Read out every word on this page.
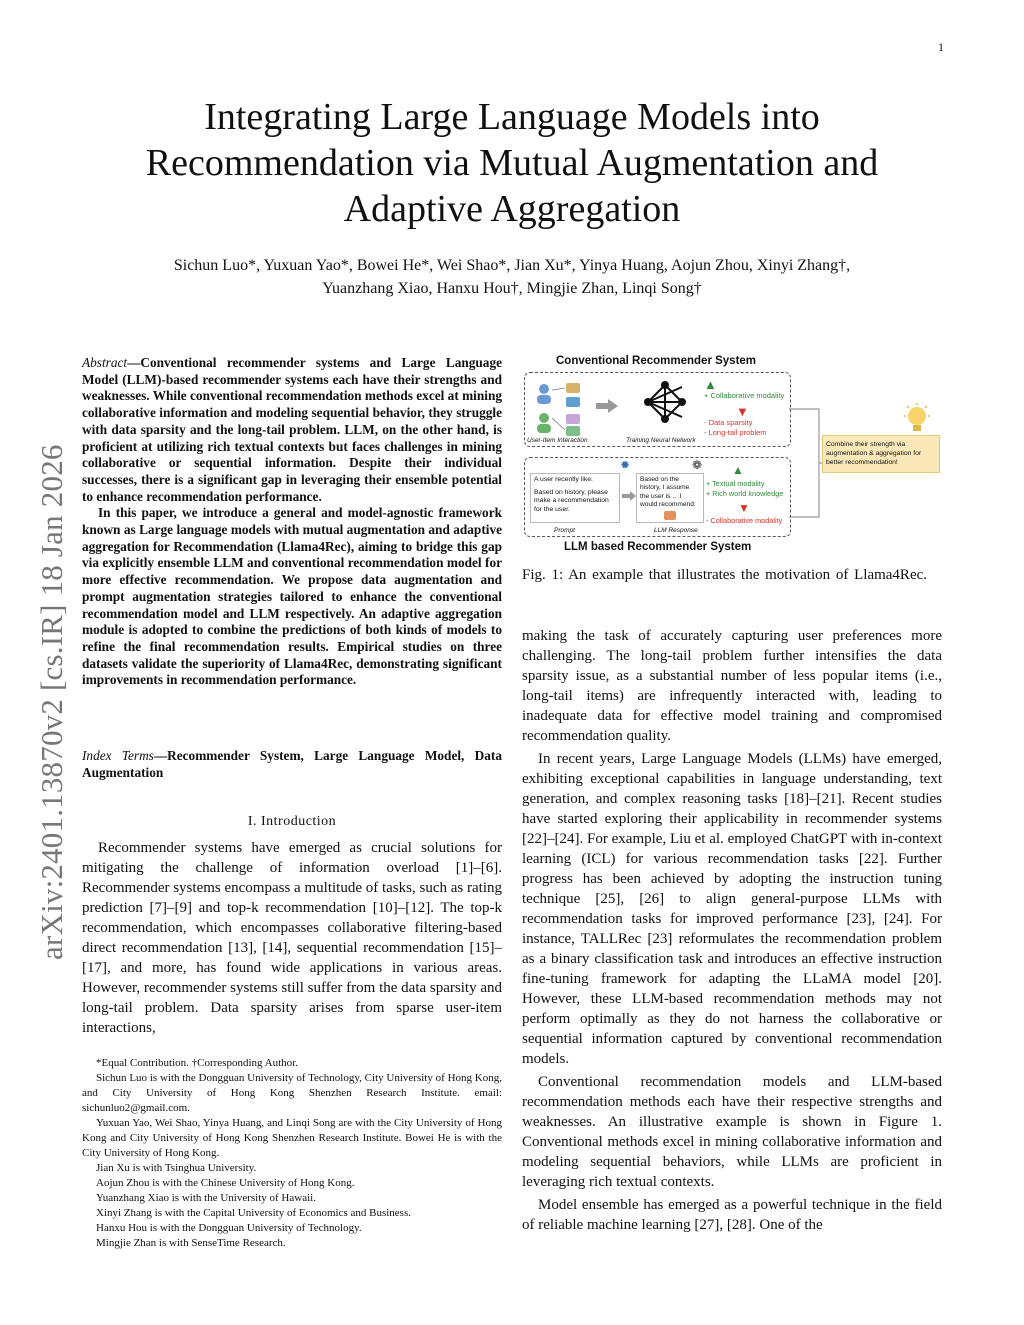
1
Integrating Large Language Models into Recommendation via Mutual Augmentation and Adaptive Aggregation
Sichun Luo*, Yuxuan Yao*, Bowei He*, Wei Shao*, Jian Xu*, Yinya Huang, Aojun Zhou, Xinyi Zhang†,
Yuanzhang Xiao, Hanxu Hou†, Mingjie Zhan, Linqi Song†
arXiv:2401.13870v2 [cs.IR] 18 Jan 2026

Abstract—Conventional recommender systems and Large Language Model (LLM)-based recommender systems each have their strengths and weaknesses. While conventional recommendation methods excel at mining collaborative information and modeling sequential behavior, they struggle with data sparsity and the long-tail problem. LLM, on the other hand, is proficient at utilizing rich textual contexts but faces challenges in mining collaborative or sequential information. Despite their individual successes, there is a significant gap in leveraging their ensemble potential to enhance recommendation performance.

In this paper, we introduce a general and model-agnostic framework known as Large language models with mutual augmentation and adaptive aggregation for Recommendation (Llama4Rec), aiming to bridge this gap via explicitly ensemble LLM and conventional recommendation model for more effective recommendation. We propose data augmentation and prompt augmentation strategies tailored to enhance the conventional recommendation model and LLM respectively. An adaptive aggregation module is adopted to combine the predictions of both kinds of models to refine the final recommendation results. Empirical studies on three datasets validate the superiority of Llama4Rec, demonstrating significant improvements in recommendation performance.

Index Terms—Recommender System, Large Language Model, Data Augmentation
I. Introduction

Recommender systems have emerged as crucial solutions for mitigating the challenge of information overload [1]–[6]. Recommender systems encompass a multitude of tasks, such as rating prediction [7]–[9] and top-k recommendation [10]–[12]. The top-k recommendation, which encompasses collaborative filtering-based direct recommendation [13], [14], sequential recommendation [15]–[17], and more, has found wide applications in various areas. However, recommender systems still suffer from the data sparsity and long-tail problem. Data sparsity arises from sparse user-item interactions,

*Equal Contribution. †Corresponding Author.

Sichun Luo is with the Dongguan University of Technology, City University of Hong Kong, and City University of Hong Kong Shenzhen Research Institute. email: sichunluo2@gmail.com.

Yuxuan Yao, Wei Shao, Yinya Huang, and Linqi Song are with the City University of Hong Kong and City University of Hong Kong Shenzhen Research Institute. Bowei He is with the City University of Hong Kong.

Jian Xu is with Tsinghua University.

Aojun Zhou is with the Chinese University of Hong Kong.

Yuanzhang Xiao is with the University of Hawaii.

Xinyi Zhang is with the Capital University of Economics and Business.

Hanxu Hou is with the Dongguan University of Technology.

Mingjie Zhan is with SenseTime Research.

Conventional Recommender System
User-Item Interaction	Training Neural Network
▲
+ Collaborative modality
▼
- Data sparsity
- Long-tail problem
Combine their strength via augmentation & aggregation for better recommendation!
✹	❁
A user recently like:
Based on history, please make a recommendation for the user.
Prompt
Based on the history, I assume the user is ... I would recommend:
LLM Response
▲
+ Textual modality
+ Rich world knowledge
▼
- Collaborative modality
LLM based Recommender System

Fig. 1: An example that illustrates the motivation of Llama4Rec.

making the task of accurately capturing user preferences more challenging. The long-tail problem further intensifies the data sparsity issue, as a substantial number of less popular items (i.e., long-tail items) are infrequently interacted with, leading to inadequate data for effective model training and compromised recommendation quality.

In recent years, Large Language Models (LLMs) have emerged, exhibiting exceptional capabilities in language understanding, text generation, and complex reasoning tasks [18]–[21]. Recent studies have started exploring their applicability in recommender systems [22]–[24]. For example, Liu et al. employed ChatGPT with in-context learning (ICL) for various recommendation tasks [22]. Further progress has been achieved by adopting the instruction tuning technique [25], [26] to align general-purpose LLMs with recommendation tasks for improved performance [23], [24]. For instance, TALLRec [23] reformulates the recommendation problem as a binary classification task and introduces an effective instruction fine-tuning framework for adapting the LLaMA model [20]. However, these LLM-based recommendation methods may not perform optimally as they do not harness the collaborative or sequential information captured by conventional recommendation models.

Conventional recommendation models and LLM-based recommendation methods each have their respective strengths and weaknesses. An illustrative example is shown in Figure 1. Conventional methods excel in mining collaborative information and modeling sequential behaviors, while LLMs are proficient in leveraging rich textual contexts.

Model ensemble has emerged as a powerful technique in the field of reliable machine learning [27], [28]. One of the
